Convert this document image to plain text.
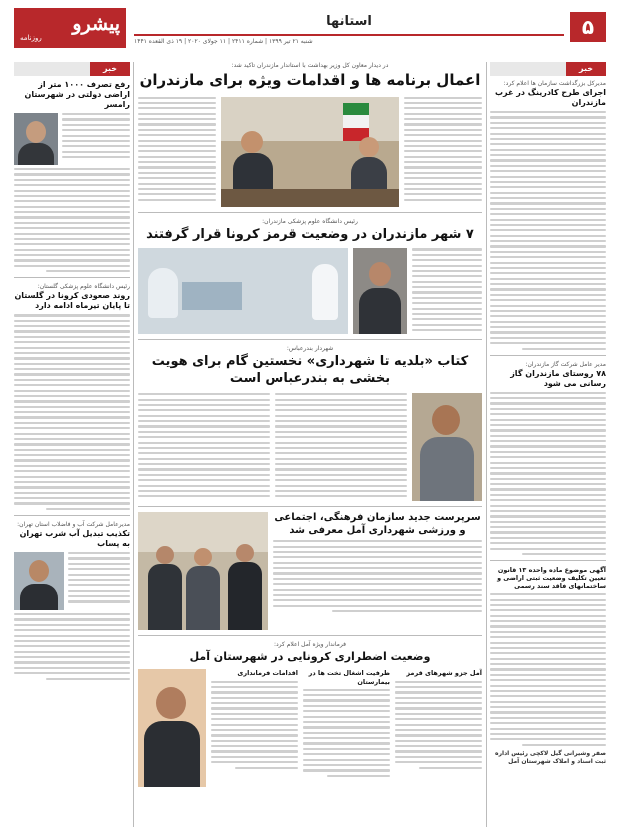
۵
استانها
شنبه ۲۱ تیر ۱۳۹۹ | شماره ۲۴۱۱ | ۱۱ جولای ۲۰۲۰ | ۱۹ ذی القعده ۱۴۴۱
پیشرو
روزنامه
خبر
مدیرکل بزرگداشت سازمان ها اعلام کرد:
اجرای طرح کادرینگ در غرب مازندران
مدیر عامل شرکت گاز مازندران:
۷۸ روستای مازندران گاز رسانی می شود
آگهی موضوع ماده واحده ۱۳ قانون تعیین تکلیف وضعیت ثبتی اراضی و ساختمانهای فاقد سند رسمی
صفر وشیرانی گیل لاکچی رئیس اداره ثبت اسناد و املاک شهرستان آمل
خبر
رفع تصرف ۱۰۰۰ متر از اراضی دولتی در شهرستان رامسر
رئیس دانشگاه علوم پزشکی گلستان:
روند صعودی کرونا در گلستان تا پایان تیرماه ادامه دارد
مدیرعامل شرکت آب و فاضلاب استان تهران:
تکذیب تبدیل آب شرب تهران به پساب
در دیدار معاون کل وزیر بهداشت با استاندار مازندران تأکید شد:
اعمال برنامه ها و اقدامات ویژه برای مازندران
رئیس دانشگاه علوم پزشکی مازندران:
۷ شهر مازندران در وضعیت قرمز کرونا قرار گرفتند
شهردار بندرعباس:
کتاب «بلدیه تا شهرداری» نخستین گام برای هویت بخشی به بندرعباس است
سرپرست جدید سازمان فرهنگی، اجتماعی و ورزشی شهرداری آمل معرفی شد
فرماندار ویژه آمل اعلام کرد:
وضعیت اضطراری کرونایی در شهرستان آمل
آمل جزو شهرهای قرمز
ظرفیت اشغال تخت ها در بیمارستان
اقدامات فرمانداری
